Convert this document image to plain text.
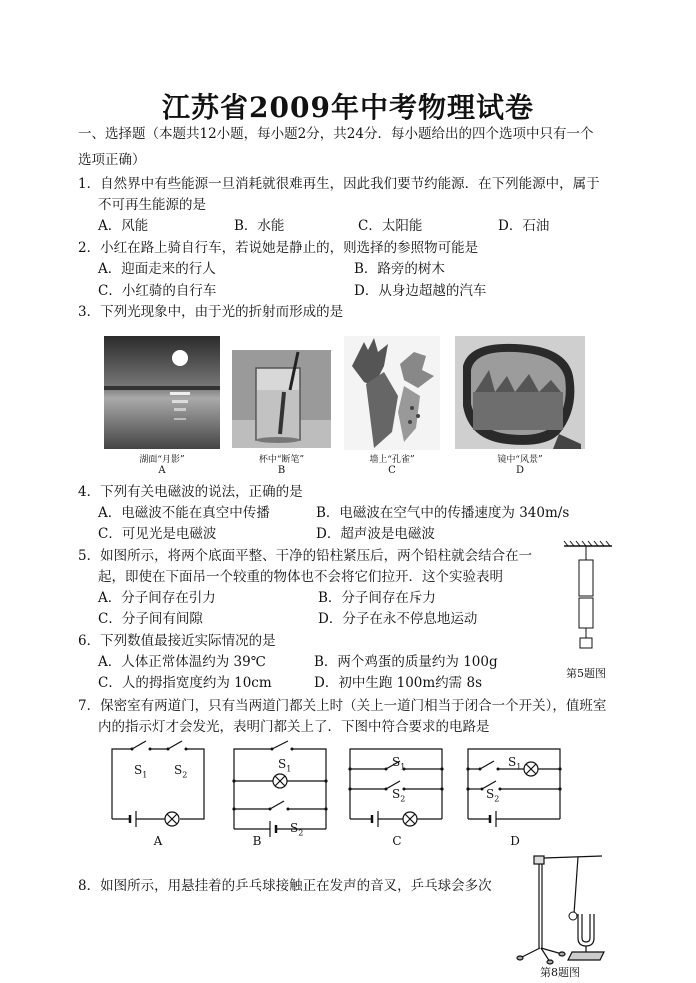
江苏省2009年中考物理试卷
一、选择题（本题共12小题，每小题2分，共24分．每小题给出的四个选项中只有一个
选项正确）
1．自然界中有些能源一旦消耗就很难再生，因此我们要节约能源．在下列能源中，属于
不可再生能源的是
A．风能	B．水能	C．太阳能	D．石油
2．小红在路上骑自行车，若说她是静止的，则选择的参照物可能是
A．迎面走来的行人	B．路旁的树木
C．小红骑的自行车	D．从身边超越的汽车
3．下列光现象中，由于光的折射而形成的是
湖面“月影”
A
杯中“断笔”
B
墙上“孔雀”
C
镜中“风景”
D
4．下列有关电磁波的说法，正确的是
A．电磁波不能在真空中传播	B．电磁波在空气中的传播速度为 340m/s
C．可见光是电磁波	D．超声波是电磁波
5．如图所示，将两个底面平整、干净的铅柱紧压后，两个铅柱就会结合在一
起，即使在下面吊一个较重的物体也不会将它们拉开．这个实验表明
A．分子间存在引力	B．分子间存在斥力
C．分子间有间隙	D．分子在永不停息地运动
第5题图
6．下列数值最接近实际情况的是
A．人体正常体温约为 39℃	B．两个鸡蛋的质量约为 100g
C．人的拇指宽度约为 10cm	D．初中生跑 100m约需 8s
7．保密室有两道门，只有当两道门都关上时（关上一道门相当于闭合一个开关），值班室
内的指示灯才会发光，表明门都关上了．下图中符合要求的电路是
$S_1$ $S_2$
A
$S_1$
$S_2$
B
$S_1$
$S_2$
C
$S_1$
$S_2$
D
8．如图所示，用悬挂着的乒乓球接触正在发声的音叉，乒乓球会多次
第8题图
